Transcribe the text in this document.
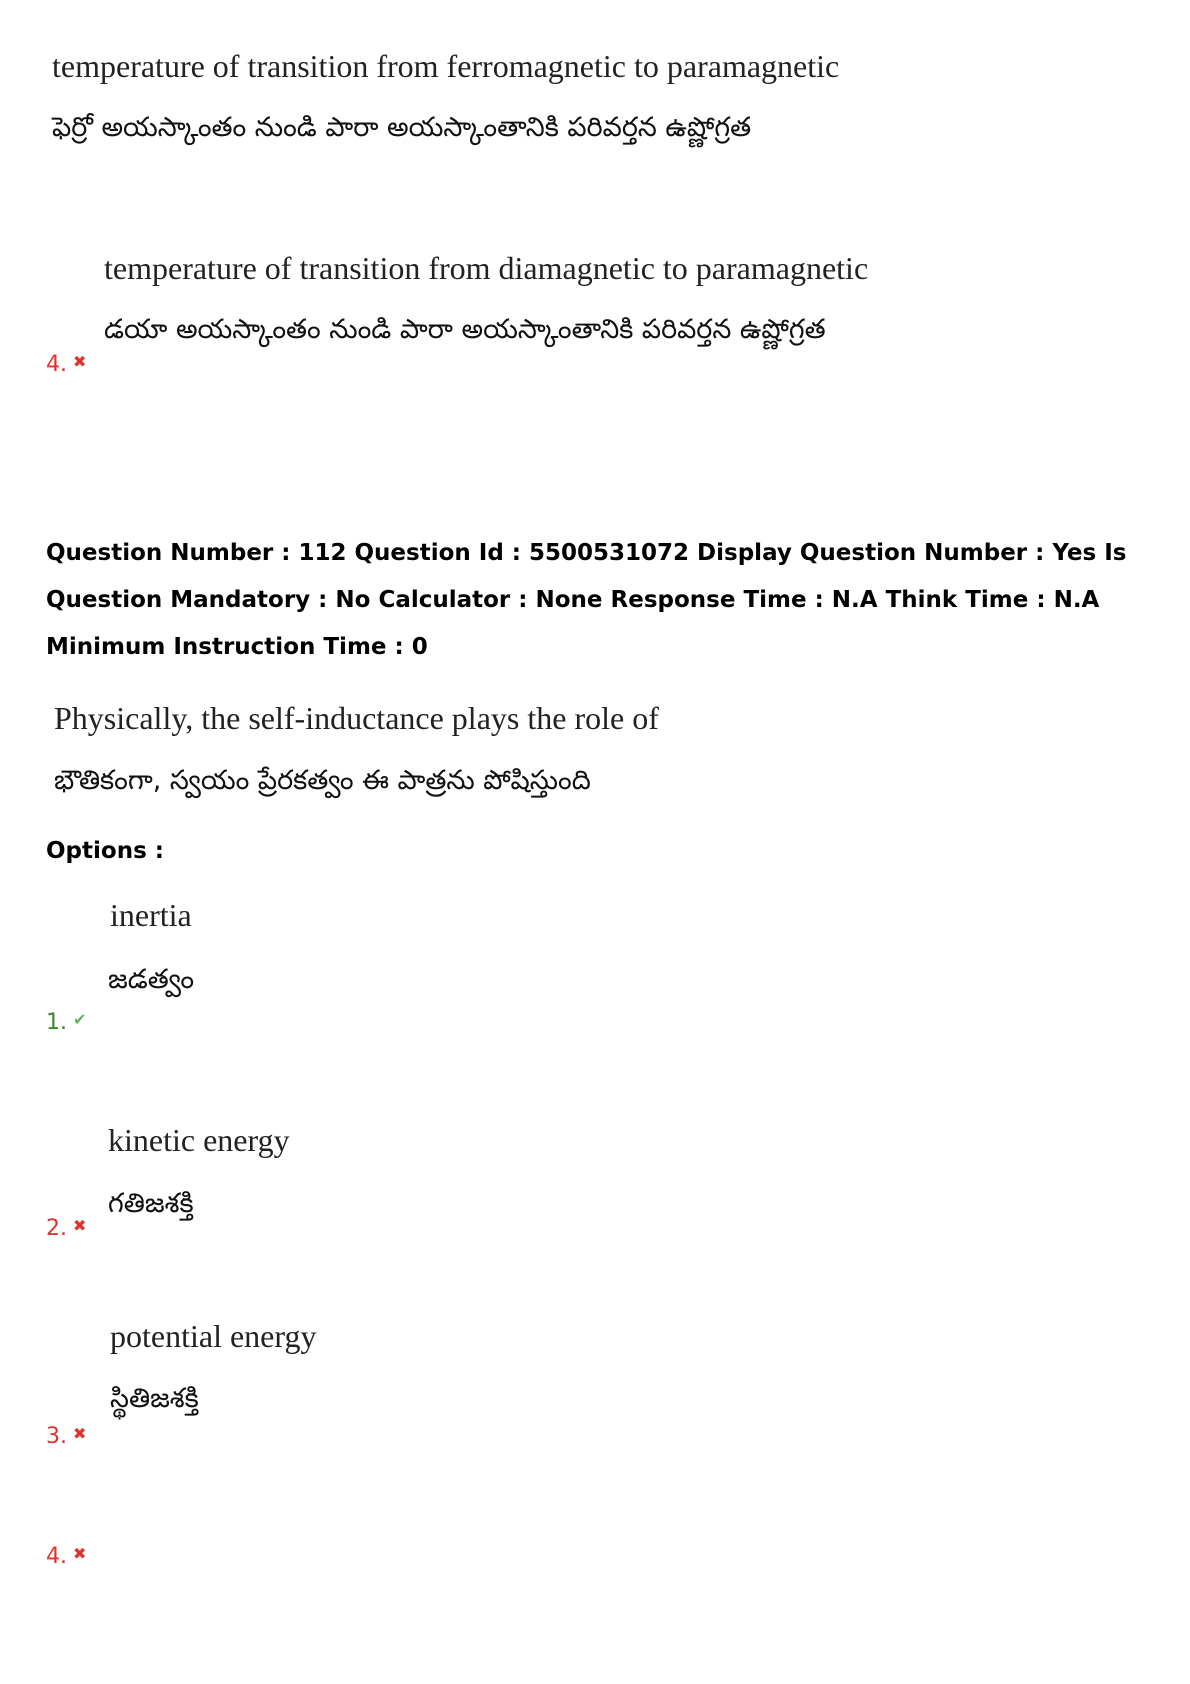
temperature of transition from ferromagnetic to paramagnetic
ఫెర్రో అయస్కాంతం నుండి పారా అయస్కాంతానికి పరివర్తన ఉష్ణోగ్రత
temperature of transition from diamagnetic to paramagnetic
డయా అయస్కాంతం నుండి పారా అయస్కాంతానికి పరివర్తన ఉష్ణోగ్రత
4. ✖
Question Number : 112 Question Id : 5500531072 Display Question Number : Yes Is Question Mandatory : No Calculator : None Response Time : N.A Think Time : N.A Minimum Instruction Time : 0
Physically, the self-inductance plays the role of
భౌతికంగా, స్వయం ప్రేరకత్వం ఈ పాత్రను పోషిస్తుంది
Options :
inertia
జడత్వం
1. ✔
kinetic energy
గతిజశక్తి
2. ✖
potential energy
స్థితిజశక్తి
3. ✖
4. ✖
